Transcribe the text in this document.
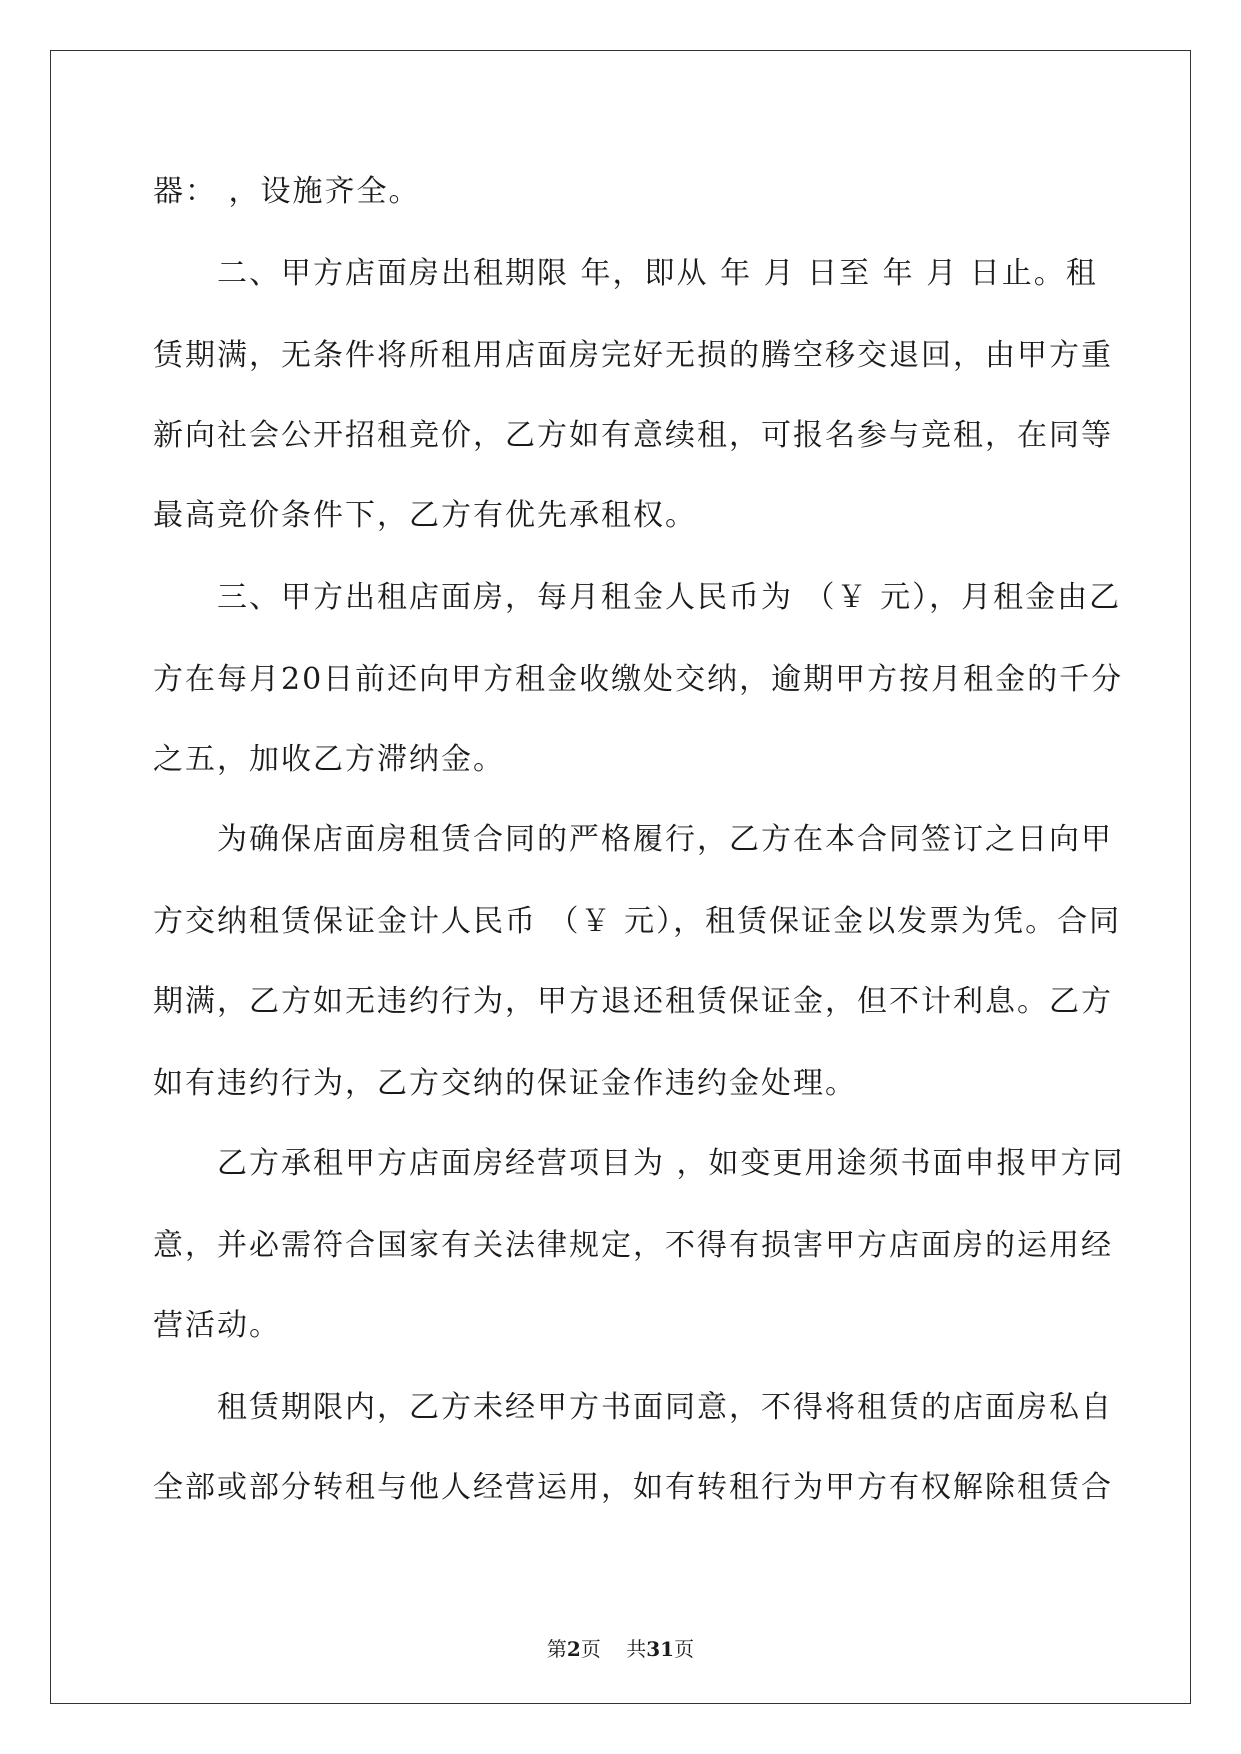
器： ，设施齐全。
　　二、甲方店面房出租期限 年，即从 年 月 日至 年 月 日止。租
赁期满，无条件将所租用店面房完好无损的腾空移交退回，由甲方重
新向社会公开招租竞价，乙方如有意续租，可报名参与竞租，在同等
最高竞价条件下，乙方有优先承租权。
　　三、甲方出租店面房，每月租金人民币为 （￥ 元），月租金由乙
方在每月20日前还向甲方租金收缴处交纳，逾期甲方按月租金的千分
之五，加收乙方滞纳金。
　　为确保店面房租赁合同的严格履行，乙方在本合同签订之日向甲
方交纳租赁保证金计人民币 （￥ 元），租赁保证金以发票为凭。合同
期满，乙方如无违约行为，甲方退还租赁保证金，但不计利息。乙方
如有违约行为，乙方交纳的保证金作违约金处理。
　　乙方承租甲方店面房经营项目为 ，如变更用途须书面申报甲方同
意，并必需符合国家有关法律规定，不得有损害甲方店面房的运用经
营活动。
　　租赁期限内，乙方未经甲方书面同意，不得将租赁的店面房私自
全部或部分转租与他人经营运用，如有转租行为甲方有权解除租赁合
第2页 共31页
